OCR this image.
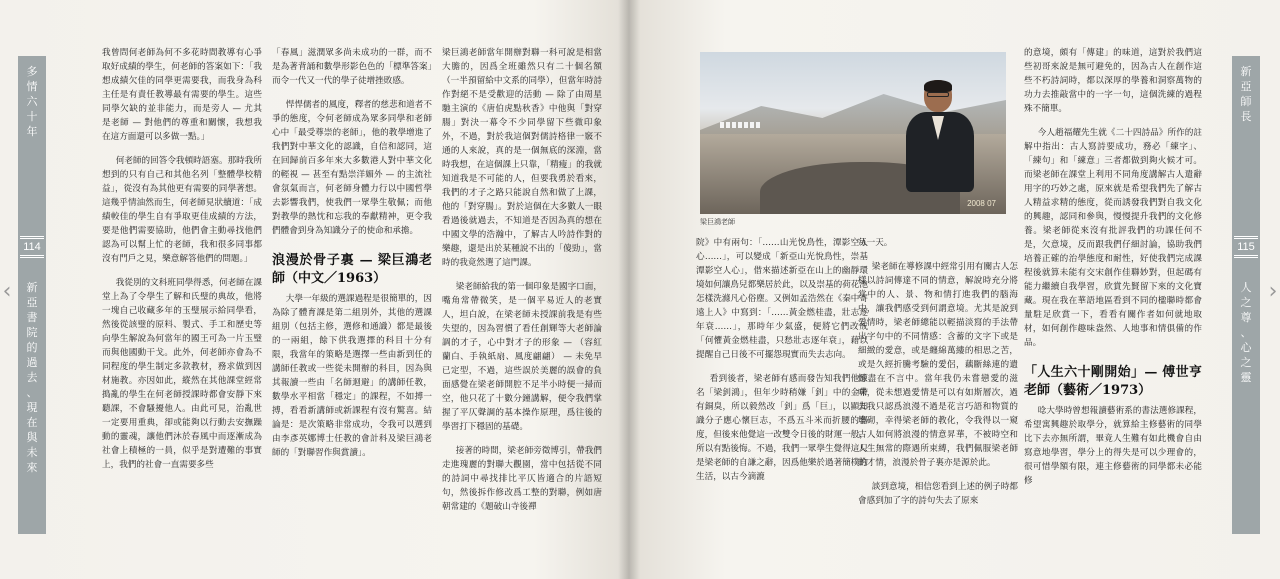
多
情
六
十
年
114
新
亞
書
院
的
過
去
、
現
在
與
未
來

我曾問何老師為何不多花時間教導有心爭取好成績的學生，何老師的答案如下：「我想成績欠佳的同學更需要我，而我身為科主任是有責任教導最有需要的學生。這些同學欠缺的並非能力，而是旁人 — 尤其是老師 — 對他們的尊重和關懷，我想我在這方面還可以多做一點。」

何老師的回答令我頓時語塞。那時我所想到的只有自己和其他名列「整體學校精益」，從沒有為其他更有需要的同學著想。這幾乎情油然而生，何老師見狀續道：「成績較佳的學生自有爭取更佳成績的方法，要是他們需要協助，他們會主動尋找他們認為可以幫上忙的老師，我和很多同事都沒有門戶之見，樂意解答他們的問題。」

我從別的文科班同學得悉，何老師在課堂上為了令學生了解和氏璧的典故，他將一塊自己收藏多年的玉璧展示給同學看，然後從該璧的原料、製式、手工和歷史等向學生解說為何當年的國王可為一片玉璧而與他國動干戈。此外，何老師亦會為不同程度的學生制定多款教材，務求做到因材施教。亦因如此，縱然在其他課堂經常搗亂的學生在何老師授課時都會安靜下來聽課，不會騷擾他人。由此可見，治亂世一定要用重典，卻或能夠以行動去安撫躁動的靈魂，讓他們沐於春風中而逐漸成為社會上積極的一員，似乎是對遭難的事實上，我們的社會一直需要多些

「春風」滋潤眾多尚未成功的一群，而不是為著背誦和數學形影色色的「標準答案」而令一代又一代的學子徒增挫敗感。

悍悍儒者的風度，釋者的慈悲和道者不爭的態度，令何老師成為眾多同學和老師心中「最受尊崇的老師」，他的教學增進了我們對中華文化的認識，自信和認同，這在回歸前百多年來大多數港人對中華文化的輕視 — 甚至有點崇洋媚外 — 的主流社會氛氣而言，何老師身體力行以中國哲學去影響我們，使我們一眾學生敬佩；而他對教學的熱忱和忘我的奉獻精神，更令我們體會到身為知識分子的使命和承擔。

浪漫於骨子裏 — 梁巨鴻老師（中文／1963）

大學一年級的選課過程是很簡單的，因為除了體育課是第二組別外，其他的選課組別（包括主修，選修和通識）都是最後的一兩組，餘下供我選擇的科目十分有限，我當年的策略是選擇一些由新到任的講師任教或一些從未開辦的科目，因為與其報讀一些由「名師迴避」的講師任教，數學水平相當「穩定」的課程，不如搏一搏，看看新講師或新課程有沒有驚喜。結論是：是次策略非常成功，令我可以選到由李彥英娜博士任教的會計科及梁巨鴻老師的「對聯習作與賞讀」。

梁巨鴻老師當年開辦對聯一科可說是相當大膽的，因爲全班雖然只有二十個名額（一半預留給中文系的同學），但當年時詩作對絕不是受歡迎的活動 — 除了由周星馳主演的《唐伯虎點秋香》中他與「對穿腸」對決一幕令不少同學留下些微印象外，不過，對於我這個對儒詩格律一竅不通的人來說，真的是一個無底的深淵，當時我想，在這個課上只靠，「精瘦」的我就知道我是不可能的人，但要我勇於看來，我們的才子之路只能說自然和做了上課，他的「對穿腸」。對於這個在大多數人一眼看過後就過去，不知道是否因為真的想在中國文學的浩瀚中，了解古人吟詩作對的樂趣，還是出於某種說不出的「傻勁」，當時的我竟然選了這門課。

梁老師給我的第一個印象是國字口面，嘴角常帶微笑，是一個平易近人的老實人，坦白說，在梁老師未授課前我是有些失望的，因為習慣了看任創輝等大老師論調的才子，心中對才子的形象 — （容紅蘭白、手執紙扇、風度翩翩） — 未免早已定型，不過，這些誤於美麗的誤會的負面感覺在梁老師開腔不足半小時便一掃而空，他只花了十數分鐘講解，便令我們掌握了平仄聲調的基本操作原理，爲往後的學習打下穩固的基礎。

接著的時間，梁老師旁徵博引，帶我們走進瑰麗的對聯大觀園，當中包括從不同的詩詞中尋找排比平仄皆適合的片語短句，然後拆作修改爲工整的對聯，例如唐朝常建的《題破山寺後禪

新
亞
師
長
115
人
之
尊
、
心
之
靈

院》中有兩句：「……山光悅鳥性，潭影空人心……」，可以變成「新亞山光悅鳥性，崇基潭影空人心」，借來描述新亞在山上的幽靜環境如何讓鳥兒都樂居於此，以及崇基的荷花池怎樣洗滌凡心俗塵。又例如孟浩然在《秦中寄遠上人》中寫到：「……黃金燃桂盡，壯志逐年衰……」，那時年少氣盛，便將它們改成「何懼黃金燃桂盡，只愁壯志逐年衰」，藉以提醒自己日後不可擺怨現實而失去志向。

看到後者，梁老師有感而發告知我們他原名「梁釗鴻」，但年少時稍嫌「釗」中的金帶有銅臭，所以毅然改「釗」爲「巨」，以顯知識分子應心懷巨志，不爲五斗米而折腰的器度，但後來他覺這一改雙令日後的財運一般，所以有點後悔。不過，我們一眾學生覺得這只是梁老師的自謙之辭，因爲他樂於過著簡樸的生活，以古今滴漉

每一天。

梁老師在導修課中經常引用有關古人怎樣以詩詞傳達不同的情意，解說時充分將當中的人、景、物和情打進我們的腦海中，讓我們感受到何謂意境。尤其是說到愛情時，梁老師總能以輕描淡寫的手法帶出字句中的不同情感：含蓄的文字下或是細緻的愛意，或是纏綿萬縷的相思之苦，或是久經折騰考驗的愛侶，藕斷絲連的遺憾盡在不言中。當年我仍未嘗戀愛的滋味，從未想過愛情是可以有如斯層次，過去我只認爲浪漫不過是花言巧語和物質的堆砌，幸得梁老師的教化，令我得以一窺古人如何將浪漫的情意昇華，不被時空和人生無常的際遇所束縛，我們佩服梁老師的才情，浪漫於骨子裏亦是源於此。

談到意境，相信您看到上述的例子時都會感到加了字的詩句失去了原來

的意境，頗有「傳建」的味道，這對於我們這些初哥來說是無可避免的，因為古人在創作這些不朽詩詞時，都以深厚的學養和洞察萬物的功力去推敲當中的一字一句，這個洗練的過程殊不簡單。

今人趙福耀先生就《二十四詩品》所作的註解中指出：古人寫詩要成功，務必「練字」、「練句」和「練意」三者都做到夠火候才可。而梁老師在課堂上利用不同角度講解古人遣辭用字的巧妙之處，原來就是希望我們先了解古人精益求精的態度，從而誘發我們對自我文化的興趣，認同和參與，慢慢提升我們的文化修養。梁老師從來沒有批評我們的功課任何不是，欠意境，反而跟我們仔細討論，協助我們培養正確的治學態度和耐性，好使我們完成課程後就算未能有交宋創作佳聯妙對，但起碼有能力繼續自我學習，欣賞先賢留下來的文化寶藏。現在我在華語地區看到不同的楹聯時都會量駐足欣賞一下，看看有關作者如何就地取材，如何創作趣味盎然、人地事和情俱備的作品。

「人生六十剛開始」— 傅世亨老師（藝術／1973）

唸大學時曾想報讀藝術系的書法選修課程，希望寓興趣於取學分，就算給主修藝術的同學比下去亦無所謂，畢竟人生難有如此機會自由寫意地學習，學分上的得失是可以少理會的，很可惜學額有限，連主修藝術的同學都未必能修

2008 07
梁巨鴻老師
‹	›
